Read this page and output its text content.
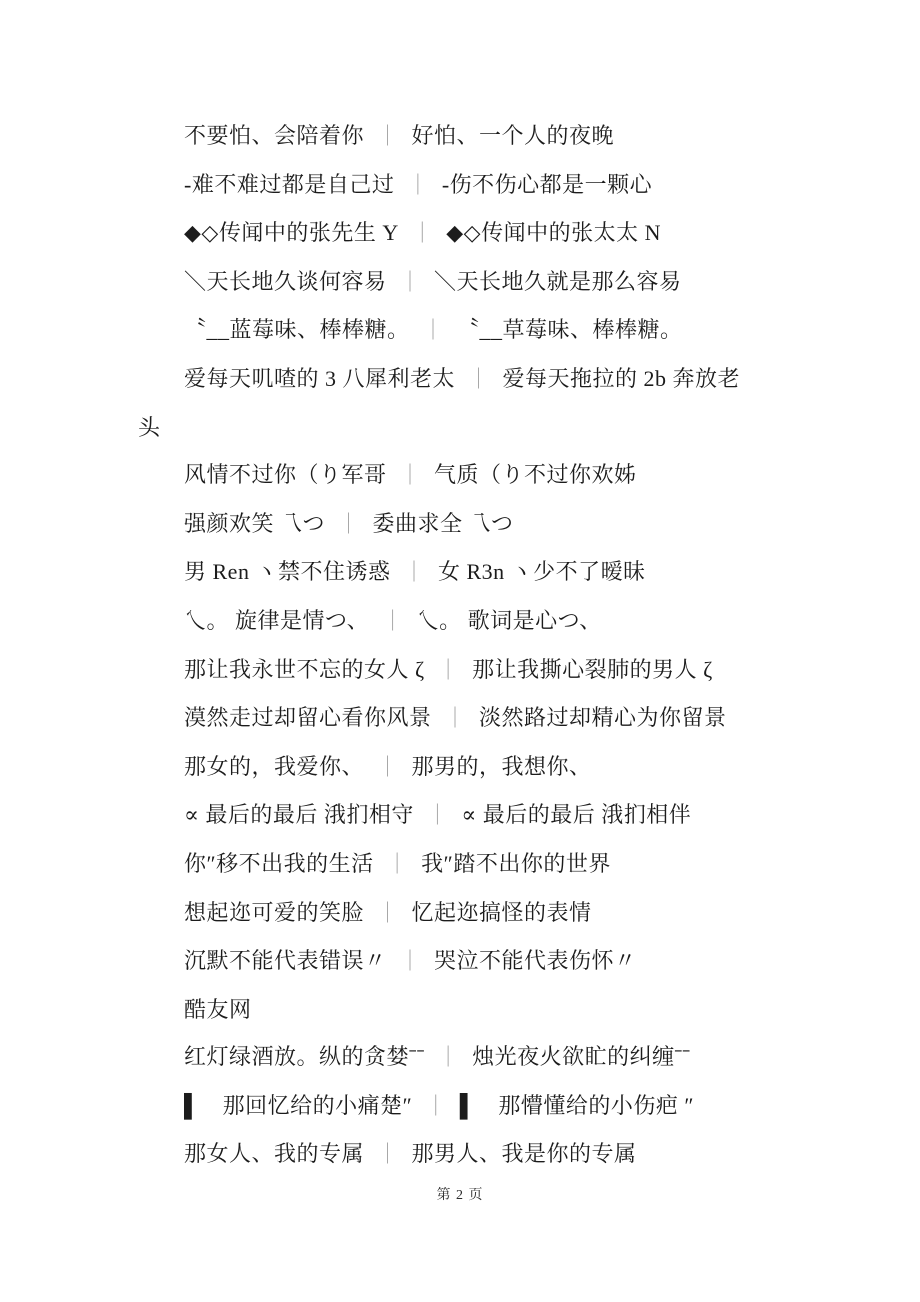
不要怕、会陪着你 ｜ 好怕、一个人的夜晚
-难不难过都是自己过 ｜ -伤不伤心都是一颗心
◆◇传闻中的张先生 Y ｜ ◆◇传闻中的张太太 N
＼天长地久谈何容易 ｜ ＼天长地久就是那么容易
〝__蓝莓味、棒棒糖。 ｜ 〝__草莓味、棒棒糖。
爱每天叽喳的 3 八犀利老太 ｜ 爱每天拖拉的 2b 奔放老
头
风情不过你（り军哥 ｜ 气质（り不过你欢姊
强颜欢笑 乁つ ｜ 委曲求全 乁つ
男 Ren ヽ禁不住诱惑 ｜ 女 R3n ヽ少不了暧昧
乀。 旋律是情つ、 ｜ 乀。 歌词是心つ、
那让我永世不忘的女人 ζ ｜ 那让我撕心裂肺的男人 ζ
漠然走过却留心看你风景 ｜ 淡然路过却精心为你留景
那女的，我爱你、 ｜ 那男的，我想你、
∝ 最后的最后 涐扪相守 ｜ ∝ 最后的最后 涐扪相伴
你″移不出我的生活 ｜ 我″踏不出你的世界
想起迩可爱的笑脸 ｜ 忆起迩搞怪的表情
沉默不能代表错误〃 ｜ 哭泣不能代表伤怀〃
酷友网
红灯绿酒放。纵的贪婪ˉˉ ｜ 烛光夜火欲盳的纠缠ˉˉ
▌　那回忆给的小痛楚″ ｜ ▌　那懵懂给的小伤疤 ″
那女人、我的专属 ｜ 那男人、我是你的专属
第 2 页
